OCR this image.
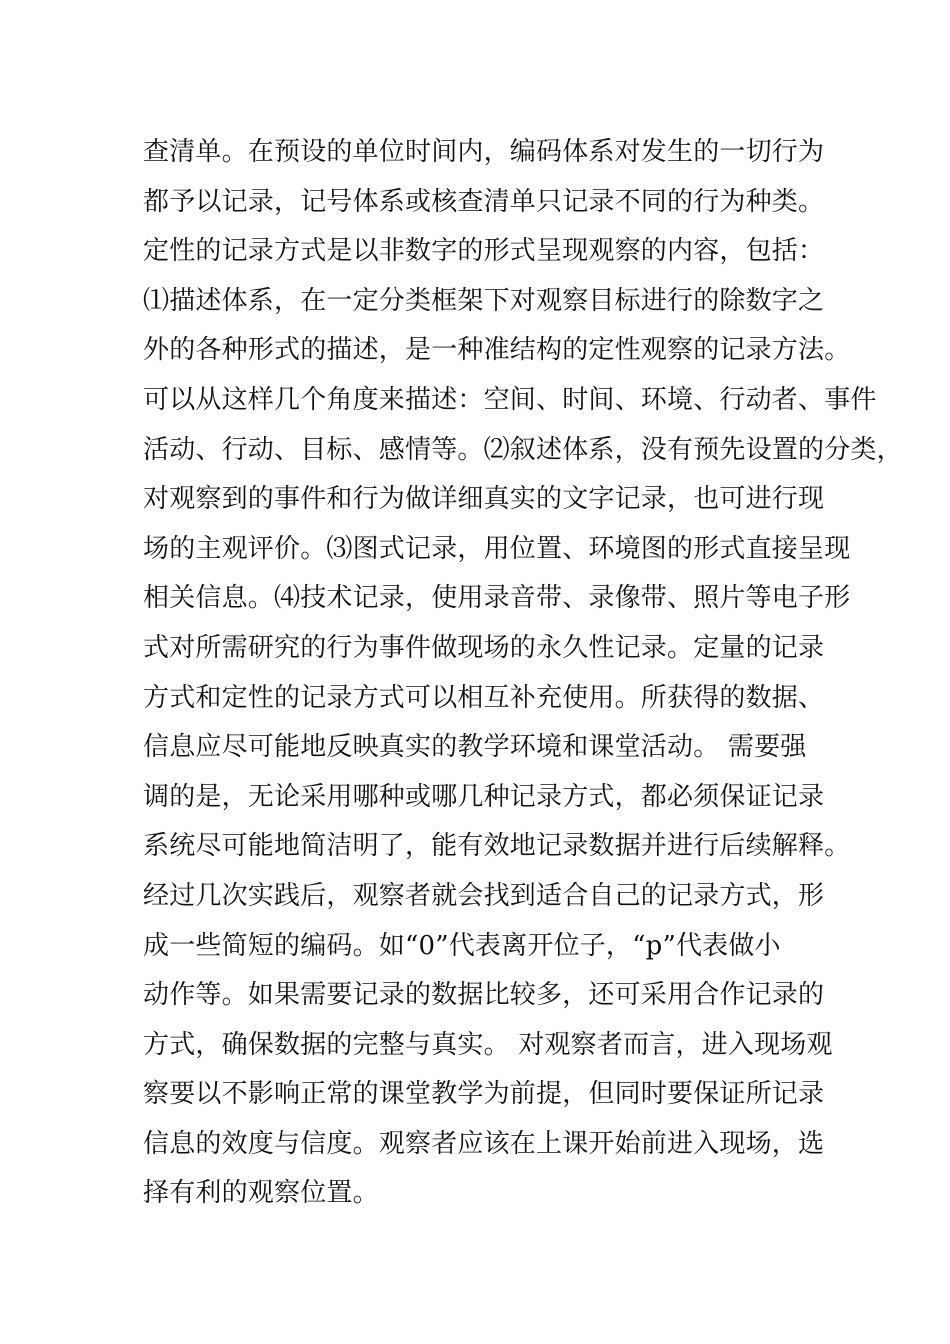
查清单。在预设的单位时间内，编码体系对发生的一切行为
都予以记录，记号体系或核查清单只记录不同的行为种类。
定性的记录方式是以非数字的形式呈现观察的内容，包括：
⑴描述体系，在一定分类框架下对观察目标进行的除数字之
外的各种形式的描述，是一种准结构的定性观察的记录方法。
可以从这样几个角度来描述：空间、时间、环境、行动者、事件
活动、行动、目标、感情等。⑵叙述体系，没有预先设置的分类，
对观察到的事件和行为做详细真实的文字记录，也可进行现
场的主观评价。⑶图式记录，用位置、环境图的形式直接呈现
相关信息。⑷技术记录，使用录音带、录像带、照片等电子形
式对所需研究的行为事件做现场的永久性记录。定量的记录
方式和定性的记录方式可以相互补充使用。所获得的数据、
信息应尽可能地反映真实的教学环境和课堂活动。 需要强
调的是，无论采用哪种或哪几种记录方式，都必须保证记录
系统尽可能地简洁明了，能有效地记录数据并进行后续解释。
经过几次实践后，观察者就会找到适合自己的记录方式，形
成一些简短的编码。如“0”代表离开位子，“p”代表做小
动作等。如果需要记录的数据比较多，还可采用合作记录的
方式，确保数据的完整与真实。 对观察者而言，进入现场观
察要以不影响正常的课堂教学为前提，但同时要保证所记录
信息的效度与信度。观察者应该在上课开始前进入现场，选
择有利的观察位置。
